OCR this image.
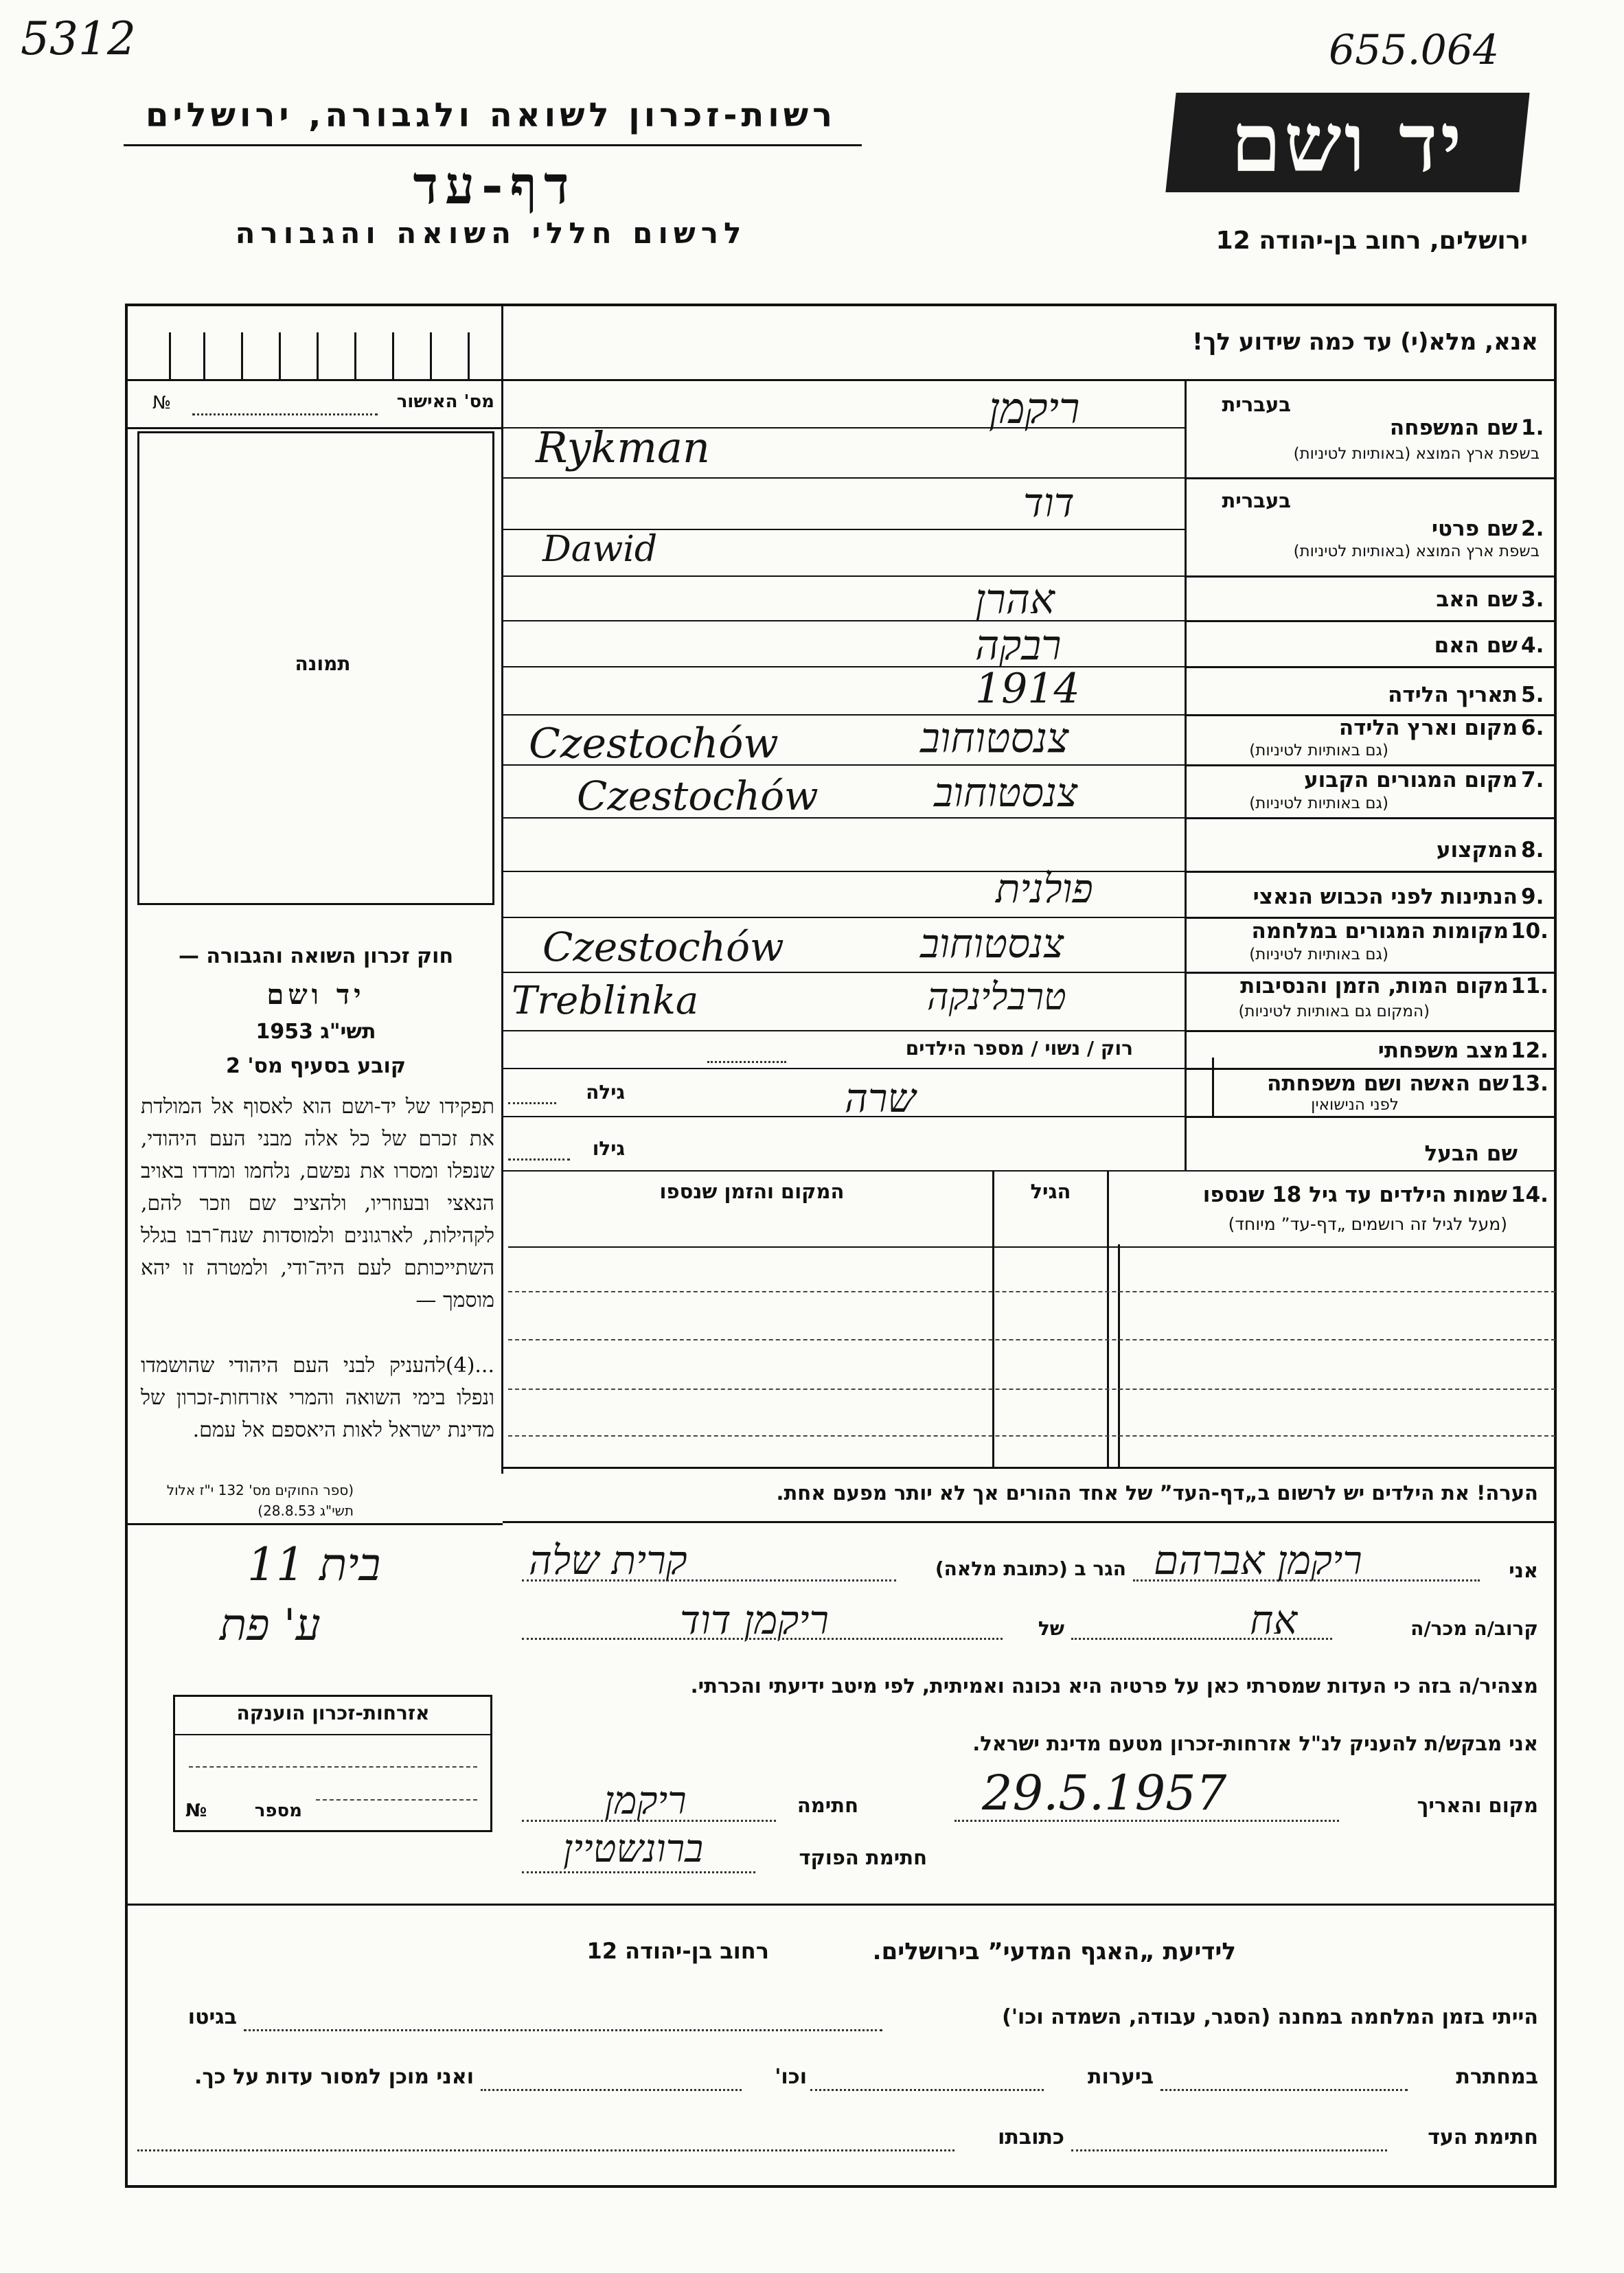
5312	655.064
רשות-זכרון לשואה ולגבורה, ירושלים
דף-עד
לרשום חללי השואה והגבורה
יד ושם
ירושלים, רחוב בן-יהודה 12
אנא, מלא(י) עד כמה שידוע לך!
מס' האישור
№
תמונה
1.
שם המשפחה
בשפת ארץ המוצא (באותיות לטיניות)
בעברית
2.
שם פרטי
בשפת ארץ המוצא (באותיות לטיניות)
בעברית
3.
שם האב
4.
שם האם
5.
תאריך הלידה
6.
מקום וארץ הלידה
(גם באותיות לטיניות)
7.
מקום המגורים הקבוע
(גם באותיות לטיניות)
8.
המקצוע
9.
הנתינות לפני הכבוש הנאצי
10.
מקומות המגורים במלחמה
(גם באותיות לטיניות)
11.
מקום המות, הזמן והנסיבות
(המקום גם באותיות לטיניות)
12.
מצב משפחתי
רוק / נשוי / מספר הילדים
13.
שם האשה ושם משפחתה
לפני הנישואין
גילה
שם הבעל
גילו
ריקמן
Rykman
דוד
Dawid
אהרן
רבקה
1914
צנסטוחוב
Czestochów
צנסטוחוב
Czestochów
פולנית
צנסטוחוב
Czestochów
טרבלינקה
Treblinka
שרה
חוק זכרון השואה והגבורה —
יד ושם
תשי"ג 1953
קובע בסעיף מס' 2
תפקידו של יד-ושם הוא לאסוף אל המולדת את זכרם של כל אלה מבני העם היהודי, שנפלו ומסרו את נפשם, נלחמו ומרדו באויב הנאצי ובעוזריו, ולהציב שם וזכר להם, לקהילות, לארגונים ולמוסדות שנח־רבו בגלל השתייכותם לעם היה־ודי, ולמטרה זו יהא מוסמך —
...(4)להעניק לבני העם היהודי שהושמדו ונפלו בימי השואה והמרי אזרחות-זכרון של מדינת ישראל לאות היאספם אל עמם.
(ספר החוקים מס' 132 י"ז אלול תשי"ג 28.8.53)
14.
שמות הילדים עד גיל 18 שנספו
(מעל לגיל זה רושמים „דף-עד” מיוחד)
הגיל
המקום והזמן שנספו
הערה! את הילדים יש לרשום ב„דף-העד” של אחד ההורים אך לא יותר מפעם אחת.
בית 11
ע' פת
אני
ריקמן אברהם
הגר ב (כתובת מלאה)
קרית שלה
קרוב/ה מכר/ה
אח
של
ריקמן דוד
מצהיר/ה בזה כי העדות שמסרתי כאן על פרטיה היא נכונה ואמיתית, לפי מיטב ידיעתי והכרתי.
אני מבקש/ת להעניק לנ"ל אזרחות-זכרון מטעם מדינת ישראל.
מקום והאריך
29.5.1957
חתימה
ריקמן
חתימת הפוקד
ברונשטיין
אזרחות-זכרון הוענקה
מספר
№
לידיעת „האגף המדעי” בירושלים.
רחוב בן-יהודה 12
הייתי בזמן המלחמה במחנה (הסגר, עבודה, השמדה וכו')
בגיטו
במחתרת
ביערות
וכו'
ואני מוכן למסור עדות על כך.
חתימת העד
כתובתו
